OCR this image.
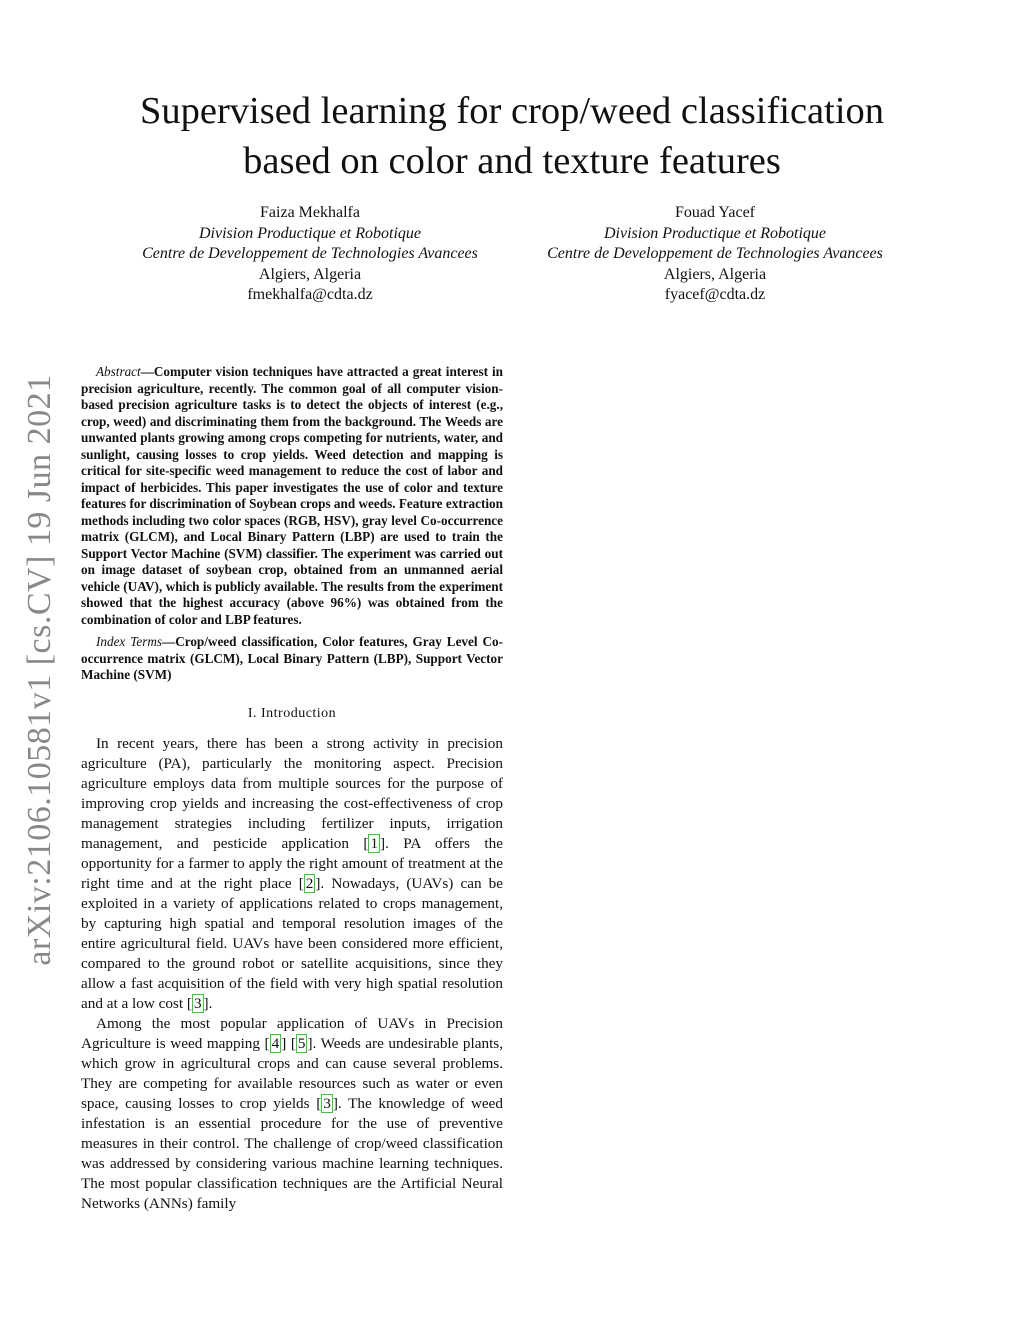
arXiv:2106.10581v1 [cs.CV] 19 Jun 2021
Supervised learning for crop/weed classification
based on color and texture features
Faiza Mekhalfa
Division Productique et Robotique
Centre de Developpement de Technologies Avancees
Algiers, Algeria
fmekhalfa@cdta.dz
Fouad Yacef
Division Productique et Robotique
Centre de Developpement de Technologies Avancees
Algiers, Algeria
fyacef@cdta.dz

Abstract—Computer vision techniques have attracted a great interest in precision agriculture, recently. The common goal of all computer vision-based precision agriculture tasks is to detect the objects of interest (e.g., crop, weed) and discriminating them from the background. The Weeds are unwanted plants growing among crops competing for nutrients, water, and sunlight, causing losses to crop yields. Weed detection and mapping is critical for site-specific weed management to reduce the cost of labor and impact of herbicides. This paper investigates the use of color and texture features for discrimination of Soybean crops and weeds. Feature extraction methods including two color spaces (RGB, HSV), gray level Co-occurrence matrix (GLCM), and Local Binary Pattern (LBP) are used to train the Support Vector Machine (SVM) classifier. The experiment was carried out on image dataset of soybean crop, obtained from an unmanned aerial vehicle (UAV), which is publicly available. The results from the experiment showed that the highest accuracy (above 96%) was obtained from the combination of color and LBP features.

Index Terms—Crop/weed classification, Color features, Gray Level Co-occurrence matrix (GLCM), Local Binary Pattern (LBP), Support Vector Machine (SVM)

I. Introduction

In recent years, there has been a strong activity in precision agriculture (PA), particularly the monitoring aspect. Precision agriculture employs data from multiple sources for the purpose of improving crop yields and increasing the cost-effectiveness of crop management strategies including fertilizer inputs, irrigation management, and pesticide application [ 1 ]. PA offers the opportunity for a farmer to apply the right amount of treatment at the right time and at the right place [ 2 ]. Nowadays, (UAVs) can be exploited in a variety of applications related to crops management, by capturing high spatial and temporal resolution images of the entire agricultural field. UAVs have been considered more efficient, compared to the ground robot or satellite acquisitions, since they allow a fast acquisition of the field with very high spatial resolution and at a low cost [ 3 ].

Among the most popular application of UAVs in Precision Agriculture is weed mapping [ 4 ] [ 5 ]. Weeds are undesirable plants, which grow in agricultural crops and can cause several problems. They are competing for available resources such as water or even space, causing losses to crop yields [ 3 ]. The knowledge of weed infestation is an essential procedure for the use of preventive measures in their control. The challenge of crop/weed classification was addressed by considering various machine learning techniques. The most popular classification techniques are the Artificial Neural Networks (ANNs) family
